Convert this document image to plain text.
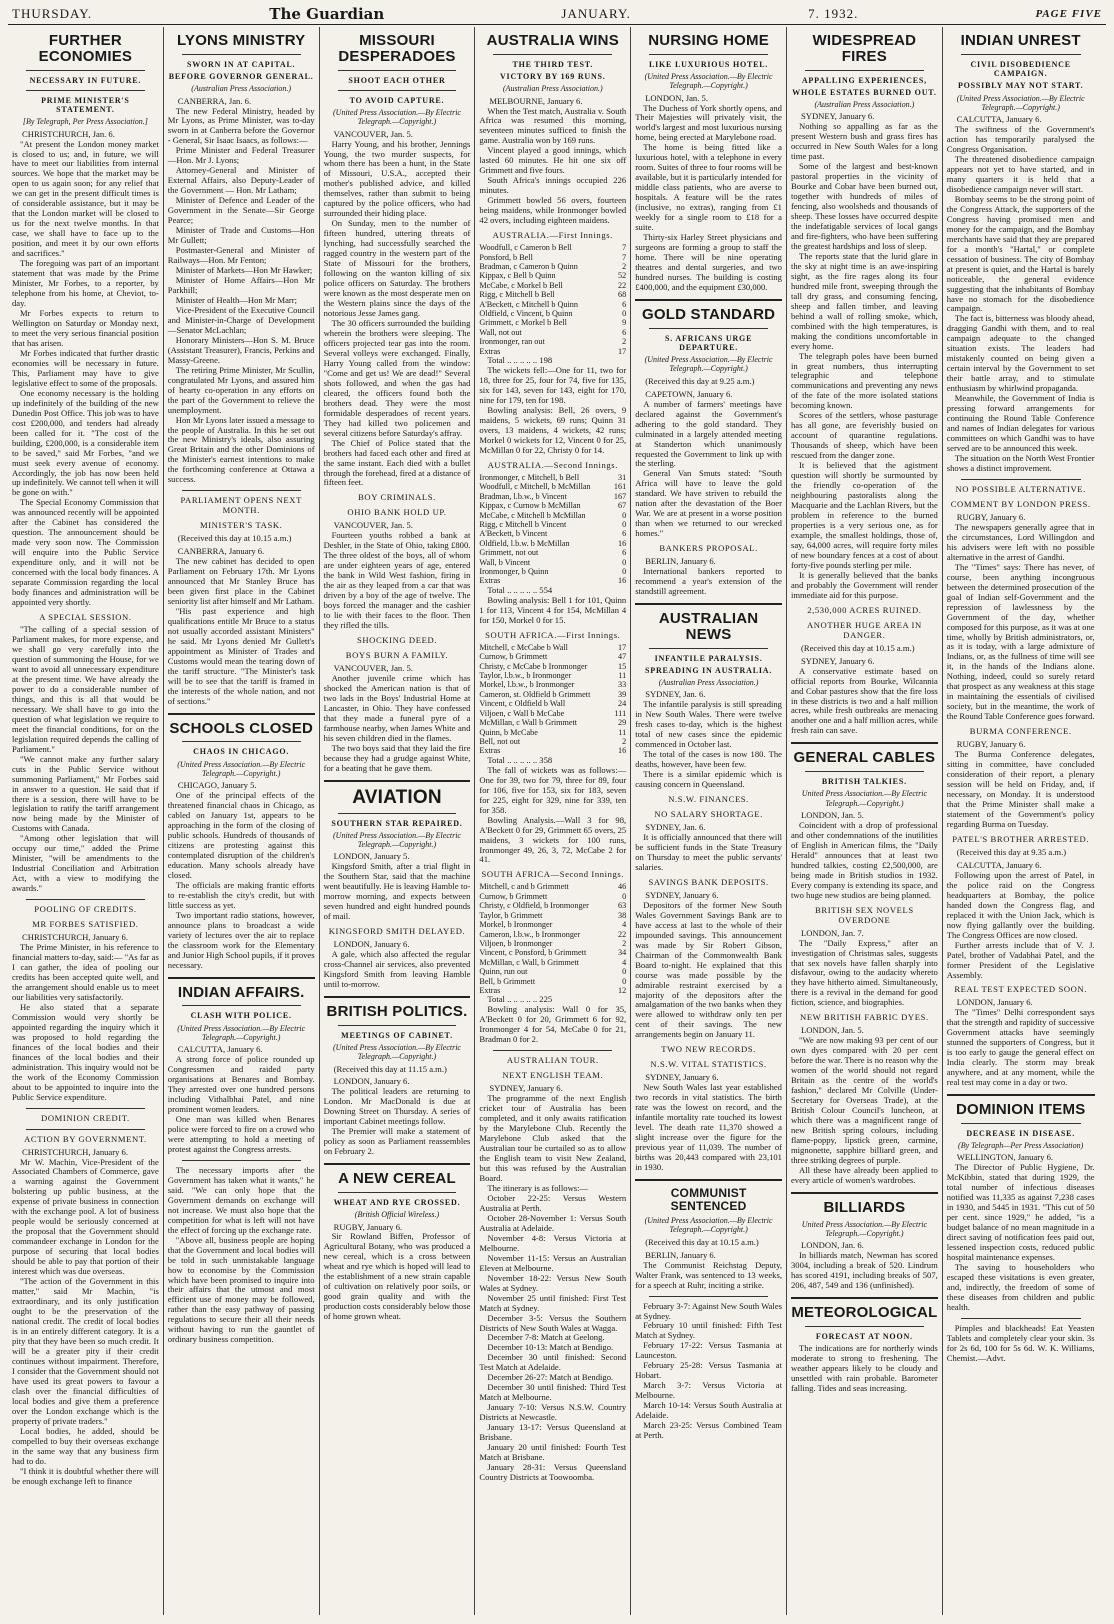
THURSDAY.	The Guardian	JANUARY.	7. 1932.	PAGE FIVE
FURTHER ECONOMIES
NECESSARY IN FUTURE.
PRIME MINISTER'S STATEMENT.
[By Telegraph, Per Press Association.]

CHRISTCHURCH, Jan. 6.

"At present the London money market is closed to us; and, in future, we will have to meet our liabilities from internal sources. We hope that the market may be open to us again soon; for any relief that we can get in the present difficult times is of considerable assistance, but it may be that the London market will be closed to us for the next twelve months. In that case, we shall have to face up to the position, and meet it by our own efforts and sacrifices."

The foregoing was part of an important statement that was made by the Prime Minister, Mr Forbes, to a reporter, by telephone from his home, at Cheviot, to-day.

Mr Forbes expects to return to Wellington on Saturday or Monday next, to meet the very serious financial position that has arisen.

Mr Forbes indicated that further drastic economies will be necessary in future. This, Parliament may have to give legislative effect to some of the proposals.

One economy necessary is the holding up indefinitely of the building of the new Dunedin Post Office. This job was to have cost £200,000, and tenders had already been called for it. "The cost of the building, £200,000, is a considerable item to be saved," said Mr Forbes, "and we must seek every avenue of economy. Accordingly, the job has now been held up indefinitely. We cannot tell when it will be gone on with."

The Special Economy Commission that was announced recently will be appointed after the Cabinet has considered the question. The announcement should be made very soon now. The Commission will enquire into the Public Service expenditure only, and it will not be concerned with the local body finances. A separate Commission regarding the local body finances and administration will be appointed very shortly.

A SPECIAL SESSION.

"The calling of a special session of Parliament makes, for more expense, and we shall go very carefully into the question of summoning the House, for we want to avoid all unnecessary expenditure at the present time. We have already the power to do a considerable number of things, and this is all that would be necessary. We shall have to go into the question of what legislation we require to meet the financial conditions, for on the legislation required depends the calling of Parliament."

"We cannot make any further salary cuts in the Public Service without summoning Parliament," Mr Forbes said in answer to a question. He said that if there is a session, there will have to be legislation to ratify the tariff arrangement now being made by the Minister of Customs with Canada.

"Among other legislation that will occupy our time," added the Prime Minister, "will be amendments to the Industrial Conciliation and Arbitration Act, with a view to modifying the awards."

POOLING OF CREDITS.
MR FORBES SATISFIED.

CHRISTCHURCH, January 6.

The Prime Minister, in his reference to financial matters to-day, said:— "As far as I can gather, the idea of pooling our credits has been accepted quite well, and the arrangement should enable us to meet our liabilities very satisfactorily.

He also stated that a separate Commission would very shortly be appointed regarding the inquiry which it was proposed to hold regarding the finances of the local bodies and their finances of the local bodies and their administration. This inquiry would not be the work of the Economy Commission about to be appointed to inquire into the Public Service expenditure.

DOMINION CREDIT.
ACTION BY GOVERNMENT.

CHRISTCHURCH, January 6.

Mr W. Machin, Vice-President of the Associated Chambers of Commerce, gave a warning against the Government bolstering up public business, at the expense of private business in connection with the exchange pool. A lot of business people would be seriously concerned at the proposal that the Government should commandeer exchange in London for the purpose of securing that local bodies should be able to pay that portion of their interest which was due overseas.

"The action of the Government in this matter," said Mr Machin, "is extraordinary, and its only justification ought to be the preservation of the national credit. The credit of local bodies is in an entirely different category. It is a pity that they have been so much credit. It will be a greater pity if their credit continues without impairment. Therefore, I consider that the Government should not have used its great powers to favour a clash over the financial difficulties of local bodies and give them a preference over the London exchange which is the property of private traders."

Local bodies, he added, should be compelled to buy their overseas exchange in the same way that any business firm had to do.

"I think it is doubtful whether there will be enough exchange left to finance

LYONS MINISTRY
SWORN IN AT CAPITAL.
BEFORE GOVERNOR GENERAL.
(Australian Press Association.)

CANBERRA, Jan. 6.

The new Federal Ministry, headed by Mr Lyons, as Prime Minister, was to-day sworn in at Canberra before the Governor - General, Sir Isaac Isaacs, as follows:—

Prime Minister and Federal Treasurer —Hon. Mr J. Lyons;

Attorney-General and Minister of External Affairs, also Deputy-Leader of the Government — Hon. Mr Latham;

Minister of Defence and Leader of the Government in the Senate—Sir George Pearce;

Minister of Trade and Customs—Hon Mr Gullett;

Postmaster-General and Minister of Railways—Hon. Mr Fenton;

Minister of Markets—Hon Mr Hawker;

Minister of Home Affairs—Hon Mr Parkhill;

Minister of Health—Hon Mr Marr;

Vice-President of the Executive Council and Minister-in-Charge of Development—Senator McLachlan;

Honorary Ministers—Hon S. M. Bruce (Assistant Treasurer), Francis, Perkins and Massy-Greene.

The retiring Prime Minister, Mr Scullin, congratulated Mr Lyons, and assured him of hearty co-operation in any efforts on the part of the Government to relieve the unemployment.

Hon Mr Lyons later issued a message to the people of Australia. In this he set out the new Ministry's ideals, also assuring Great Britain and the other Dominions of the Minister's earnest intentions to make the forthcoming conference at Ottawa a success.

PARLIAMENT OPENS NEXT MONTH.
MINISTER'S TASK.

(Received this day at 10.15 a.m.)

CANBERRA, January 6.

The new cabinet has decided to open Parliament on February 17th. Mr Lyons announced that Mr Stanley Bruce has been given first place in the Cabinet seniority list after himself and Mr Latham.

"His past experience and high qualifications entitle Mr Bruce to a status not usually accorded assistant Ministers" he said. Mr Lyons denied Mr Gullett's appointment as Minister of Trades and Customs would mean the tearing down of the tariff structure. "The Minister's task will be to see that the tariff is framed in the interests of the whole nation, and not of sections."

SCHOOLS CLOSED
CHAOS IN CHICAGO.
(United Press Association.—By Electric Telegraph.—Copyright.)

CHICAGO, January 5.

One of the principal effects of the threatened financial chaos in Chicago, as cabled on January 1st, appears to be approaching in the form of the closing of public schools. Hundreds of thousands of citizens are protesting against this contemplated disruption of the children's education. Many schools already have closed.

The officials are making frantic efforts to re-establish the city's credit, but with little success as yet.

Two important radio stations, however, announce plans to broadcast a wide variety of lectures over the air to replace the classroom work for the Elementary and Junior High School pupils, if it proves necessary.

INDIAN AFFAIRS.
CLASH WITH POLICE.
(United Press Association.—By Electric Telegraph.—Copyright.)

CALCUTTA, January 6.

A strong force of police rounded up Congressmen and raided party organisations at Benares and Bombay. They arrested over one hundred persons including Vithalbhai Patel, and nine prominent women leaders.

One man was killed when Benares police were forced to fire on a crowd who were attempting to hold a meeting of protest against the Congress arrests.

The necessary imports after the Government has taken what it wants," he said. "We can only hope that the Government demands on exchange will not increase. We must also hope that the competition for what is left will not have the effect of forcing up the exchange rate.

"Above all, business people are hoping that the Government and local bodies will be told in such unmistakable language how to economise by the Commission which have been promised to inquire into their affairs that the utmost and most efficient use of money may be followed, rather than the easy pathway of passing regulations to secure their all their needs without having to run the gauntlet of ordinary business competition.

MISSOURI DESPERADOES
SHOOT EACH OTHER
TO AVOID CAPTURE.
(United Press Association.—By Electric Telegraph.—Copyright.)

VANCOUVER, Jan. 5.

Harry Young, and his brother, Jennings Young, the two murder suspects, for whom there has been a hunt, in the State of Missouri, U.S.A., accepted their mother's published advice, and killed themselves, rather than submit to being captured by the police officers, who had surrounded their hiding place.

On Sunday, men to the number of fifteen hundred, uttering threats of lynching, had successfully searched the ragged country in the western part of the State of Missouri for the brothers, following on the wanton killing of six police officers on Saturday. The brothers were known as the most desperate men on the Western plains since the days of the notorious Jesse James gang.

The 30 officers surrounded the building wherein the brothers were sleeping. The officers projected tear gas into the room. Several volleys were exchanged. Finally, Harry Young called from the window: "Come and get us! We are dead!" Several shots followed, and when the gas had cleared, the officers found both the brothers dead. They were the most formidable desperadoes of recent years. They had killed two policemen and several citizens before Saturday's affray.

The Chief of Police stated that the brothers had faced each other and fired at the same instant. Each died with a bullet through the forehead, fired at a distance of fifteen feet.

BOY CRIMINALS.
OHIO BANK HOLD UP.

VANCOUVER, Jan. 5.

Fourteen youths robbed a bank at Deshler, in the State of Ohio, taking £800. The three oldest of the boys, all of whom are under eighteen years of age, entered the bank in Wild West fashion, firing in the air as they leaped from a car that was driven by a boy of the age of twelve. The boys forced the manager and the cashier to lie with their faces to the floor. Then they rifled the tills.

SHOCKING DEED.
BOYS BURN A FAMILY.

VANCOUVER, Jan. 5.

Another juvenile crime which has shocked the American nation is that of two lads in the Boys' Industrial Home at Lancaster, in Ohio. They have confessed that they made a funeral pyre of a farmhouse nearby, when James White and his seven children died in the flames.

The two boys said that they laid the fire because they had a grudge against White, for a beating that he gave them.

AVIATION
SOUTHERN STAR REPAIRED.
(United Press Association.—By Electric Telegraph.—Copyright.)

LONDON, January 5.

Kingsford Smith, after a trial flight in the Southern Star, said that the machine went beautifully. He is leaving Hamble to-morrow morning, and expects between seven hundred and eight hundred pounds of mail.

KINGSFORD SMITH DELAYED.

LONDON, January 6.

A gale, which also affected the regular cross-Channel air services, also prevented Kingsford Smith from leaving Hamble until to-morrow.

BRITISH POLITICS.
MEETINGS OF CABINET.
(United Press Association.—By Electric Telegraph.—Copyright.)

(Received this day at 11.15 a.m.)

LONDON, January 6.

The political leaders are returning to London. Mr MacDonald is due at Downing Street on Thursday. A series of important Cabinet meetings follow.

The Premier will make a statement of policy as soon as Parliament reassembles on February 2.

A NEW CEREAL
WHEAT AND RYE CROSSED.
(British Official Wireless.)

RUGBY, January 6.

Sir Rowland Biffen, Professor of Agricultural Botany, who was produced a new cereal, which is a cross between wheat and rye which is hoped will lead to the establishment of a new strain capable of cultivation on relatively poor soils, or good grain quality and with the production costs considerably below those of home grown wheat.

AUSTRALIA WINS
THE THIRD TEST.
VICTORY BY 169 RUNS.
(Australian Press Association.)

MELBOURNE, January 6.

When the Test match, Australia v. South Africa was resumed this morning, seventeen minutes sufficed to finish the game. Australia won by 169 runs.

Vincent played a good innings, which lasted 60 minutes. He hit one six off Grimmett and five fours.

South Africa's innings occupied 226 minutes.

Grimmett bowled 56 overs, fourteen being maidens, while Ironmonger bowled 42 overs, including eighteen maidens.

AUSTRALIA.—First Innings.
Woodfull, c Cameron b Bell	7
Ponsford, b Bell	7
Bradman, c Cameron b Quinn	2
Kippax, c Bell b Quinn	52
McCabe, c Morkel b Bell	22
Rigg, c Mitchell b Bell	68
A'Beckett, c Mitchell b Quinn	6
Oldfield, c Vincent, b Quinn	0
Grimmett, c Morkel b Bell	9
Wall, not out	6
Ironmonger, ran out	2
Extras	17

Total .. .. .. .. .. 198

The wickets fell:—One for 11, two for 18, three for 25, four for 74, five for 135, six for 143, seven for 143, eight for 170, nine for 179, ten for 198.

Bowling analysis: Bell, 26 overs, 9 maidens, 5 wickets, 69 runs; Quinn 31 overs, 13 maidens, 4 wickets, 42 runs; Morkel 0 wickets for 12, Vincent 0 for 25, McMillan 0 for 22, Christy 0 for 14.

AUSTRALIA.—Second Innings.
Ironmonger, c Mitchell, b Bell	31
Woodfull, c Mitchell, b McMillan	161
Bradman, l.b.w., b Vincent	167
Kippax, c Curnow b McMillan	67
McCabe, c Mitchell b McMillan	0
Rigg, c Mitchell b Vincent	0
A'Beckett, b Vincent	6
Oldfield, l.b.w. b McMillan	16
Grimmett, not out	6
Wall, b Vincent	0
Ironmonger, b Quinn	0
Extras	16

Total .. .. .. .. .. 554

Bowling analysis: Bell 1 for 101, Quinn 1 for 113, Vincent 4 for 154, McMillan 4 for 150, Morkel 0 for 15.

SOUTH AFRICA.—First Innings.
Mitchell, c McCabe b Wall	17
Curnow, b Grimmett	47
Christy, c McCabe b Ironmonger	15
Taylor, l.b.w., b Ironmonger	11
Morkel, l.b.w., b Ironmonger	33
Cameron, st. Oldfield b Grimmett	39
Vincent, c Oldfield b Wall	24
Viljoen, c Wall b McCabe	111
McMillan, c Wall b Grimmett	29
Quinn, b McCabe	11
Bell, not out	2
Extras	16

Total .. .. .. .. .. 358

The fall of wickets was as follows:—One for 39, two for 79, three for 89, four for 106, five for 153, six for 183, seven for 225, eight for 329, nine for 339, ten for 358.

Bowling Analysis.—Wall 3 for 98, A'Beckett 0 for 29, Grimmett 65 overs, 25 maidens, 3 wickets for 100 runs, Ironmonger 49, 26, 3, 72, McCabe 2 for 41.

SOUTH AFRICA—Second Innings.
Mitchell, c and b Grimmett	46
Curnow, b Grimmett	0
Christy, c Oldfield, b Ironmonger	63
Taylor, b Grimmett	38
Morkel, b Ironmonger	4
Cameron, l.b.w., b Ironmonger	22
Viljoen, b Ironmonger	2
Vincent, c Ponsford, b Grimmett	34
McMillan, c Wall, b Grimmett	4
Quinn, run out	0
Bell, b Grimmett	0
Extras	12

Total .. .. .. .. .. 225

Bowling analysis: Wall 0 for 35, A'Beckett 0 for 20, Grimmett 6 for 92, Ironmonger 4 for 54, McCabe 0 for 21, Bradman 0 for 2.

AUSTRALIAN TOUR.
NEXT ENGLISH TEAM.

SYDNEY, January 6.

The programme of the next English cricket tour of Australia has been completed, and it only awaits ratification by the Marylebone Club. Recently the Marylebone Club asked that the Australian tour be curtailed so as to allow the English team to visit New Zealand, but this was refused by the Australian Board.

The itinerary is as follows:—

October 22-25: Versus Western Australia at Perth.

October 28-November 1: Versus South Australia at Adelaide.

November 4-8: Versus Victoria at Melbourne.

November 11-15: Versus an Australian Eleven at Melbourne.

November 18-22: Versus New South Wales at Sydney.

November 25 until finished: First Test Match at Sydney.

December 3-5: Versus the Southern Districts of New South Wales at Wagga.

December 7-8: Match at Geelong.

December 10-13: Match at Bendigo.

December 30 until finished: Second Test Match at Adelaide.

December 26-27: Match at Bendigo.

December 30 until finished: Third Test Match at Melbourne.

January 7-10: Versus N.S.W. Country Districts at Newcastle.

January 13-17: Versus Queensland at Brisbane.

January 20 until finished: Fourth Test Match at Brisbane.

January 28-31: Versus Queensland Country Districts at Toowoomba.

NURSING HOME
LIKE LUXURIOUS HOTEL.
(United Press Association.—By Electric Telegraph.—Copyright.)

LONDON, Jan. 5.

The Duchess of York shortly opens, and Their Majesties will privately visit, the world's largest and most luxurious nursing home, being erected at Marylebone road.

The home is being fitted like a luxurious hotel, with a telephone in every room. Suites of three to four rooms will be available, but it is particularly intended for middle class patients, who are averse to hospitals. A feature will be the rates (inclusive, no extras), ranging from £1 weekly for a single room to £18 for a suite.

Thirty-six Harley Street physicians and surgeons are forming a group to staff the home. There will be nine operating theatres and dental surgeries, and two hundred nurses. The building is costing £400,000, and the equipment £30,000.

GOLD STANDARD
S. AFRICANS URGE DEPARTURE.
(United Press Association.—By Electric Telegraph.—Copyright.)

(Received this day at 9.25 a.m.)

CAPETOWN, January 6.

A number of farmers' meetings have declared against the Government's adhering to the gold standard. They culminated in a largely attended meeting at Standerton which unanimously requested the Government to link up with the sterling.

General Van Smuts stated: "South Africa will have to leave the gold standard. We have striven to rebuild the nation after the devastation of the Boer War. We are at present in a worse position than when we returned to our wrecked homes."

BANKERS PROPOSAL.

BERLIN, January 6.

International bankers reported to recommend a year's extension of the standstill agreement.

AUSTRALIAN NEWS
INFANTILE PARALYSIS.
SPREADING IN AUSTRALIA.
(Australian Press Association.)

SYDNEY, Jan. 6.

The infantile paralysis is still spreading in New South Wales. There were twelve fresh cases to-day, which is the highest total of new cases since the epidemic commenced in October last.

The total of the cases is now 180. The deaths, however, have been few.

There is a similar epidemic which is causing concern in Queensland.

N.S.W. FINANCES.
NO SALARY SHORTAGE.

SYDNEY, Jan. 6.

It is officially announced that there will be sufficient funds in the State Treasury on Thursday to meet the public servants' salaries.

SAVINGS BANK DEPOSITS.

SYDNEY, January 6.

Depositors of the former New South Wales Government Savings Bank are to have access at last to the whole of their impounded savings. This announcement was made by Sir Robert Gibson, Chairman of the Commonwealth Bank Board to-night. He explained that this course was made possible by the admirable restraint exercised by a majority of the depositors after the amalgamation of the two banks when they were allowed to withdraw only ten per cent of their savings. The new arrangements begin on January 11.

TWO NEW RECORDS.
N.S.W. VITAL STATISTICS.

SYDNEY, January 6.

New South Wales last year established two records in vital statistics. The birth rate was the lowest on record, and the infantile mortality rate touched its lowest level. The death rate 11,370 showed a slight increase over the figure for the previous year of 11,039. The number of births was 20,443 compared with 23,101 in 1930.

COMMUNIST SENTENCED
(United Press Association.—By Electric Telegraph.—Copyright.)

(Received this day at 10.15 a.m.)

BERLIN, January 6.

The Communist Reichstag Deputy, Walter Frank, was sentenced to 13 weeks, for a speech at Ruhr, inciting a strike.

February 3-7: Against New South Wales at Sydney.

February 10 until finished: Fifth Test Match at Sydney.

February 17-22: Versus Tasmania at Launceston.

February 25-28: Versus Tasmania at Hobart.

March 3-7: Versus Victoria at Melbourne.

March 10-14: Versus South Australia at Adelaide.

March 23-25: Versus Combined Team at Perth.

WIDESPREAD FIRES
APPALLING EXPERIENCES,
WHOLE ESTATES BURNED OUT.
(Australian Press Association.)

SYDNEY, January 6.

Nothing so appalling as far as the present Western bush and grass fires has occurred in New South Wales for a long time past.

Some of the largest and best-known pastoral properties in the vicinity of Bourke and Cobar have been burned out, together with hundreds of miles of fencing, also woolsheds and thousands of sheep. These losses have occurred despite the indefatigable services of local gangs and fire-fighters, who have been suffering the greatest hardships and loss of sleep.

The reports state that the lurid glare in the sky at night time is an awe-inspiring sight, as the fire rages along its four hundred mile front, sweeping through the tall dry grass, and consuming fencing, sheep and fallen timber, and leaving behind a wall of rolling smoke, which, combined with the high temperatures, is making the conditions uncomfortable in every home.

The telegraph poles have been burned in great numbers, thus interrupting telegraphic and telephone communications and preventing any news of the fate of the more isolated stations becoming known.

Scores of the settlers, whose pasturage has all gone, are feverishly busied on account of quarantine regulations. Thousands of sheep, which have been rescued from the danger zone.

It is believed that the agistment question will shortly be surmounted by the friendly co-operation of the neighbouring pastoralists along the Macquarie and the Lachlan Rivers, but the problem in reference to the burned properties is a very serious one, as for example, the smallest holdings, those of, say, 64,000 acres, will require forty miles of new boundary fences at a cost of about forty-five pounds sterling per mile.

It is generally believed that the banks and probably the Government will render immediate aid for this purpose.

2,530,000 ACRES RUINED.
ANOTHER HUGE AREA IN DANGER.

(Received this day at 10.15 a.m.)

SYDNEY, January 6.

A conservative estimate based on official reports from Bourke, Wilcannia and Cobar pastures show that the fire loss in these districts is two and a half million acres, while fresh outbreaks are menacing another one and a half million acres, while fresh rain can save.

GENERAL CABLES
BRITISH TALKIES.
United Press Association.—By Electric Telegraph.—Copyright.)

LONDON, Jan. 5.

Coincident with a drop of professional and other condemnations of the inutilities of English in American films, the "Daily Herald" announces that at least two hundred talkies, costing £2,500,000, are being made in British studios in 1932. Every company is extending its space, and two huge new studios are being planned.

BRITISH SEX NOVELS OVERDONE

LONDON, Jan. 7.

The "Daily Express," after an investigation of Christmas sales, suggests that sex novels have fallen sharply into disfavour, owing to the audacity whereto they have hitherto aimed. Simultaneously, there is a revival in the demand for good fiction, science, and biographies.

NEW BRITISH FABRIC DYES.

LONDON, Jan. 5.

"We are now making 93 per cent of our own dyes compared with 20 per cent before the war. There is no reason why the women of the world should not regard Britain as the centre of the world's fashion," declared Mr Colville (Under-Secretary for Overseas Trade), at the British Colour Council's luncheon, at which there was a magnificent range of new British spring colours, including flame-poppy, lipstick green, carmine, mignonette, sapphire billiard green, and three striking degrees of purple.

All these have already been applied to every article of women's wardrobes.

BILLIARDS
United Press Association.—By Electric Telegraph.—Copyright.)

LONDON, Jan. 6.

In billiards match, Newman has scored 3004, including a break of 520. Lindrum has scored 4191, including breaks of 507, 206, 487, 549 and 136 (unfinished).

METEOROLOGICAL
FORECAST AT NOON.

The indications are for northerly winds moderate to strong to freshening. The weather appears likely to be cloudy and unsettled with rain probable. Barometer falling. Tides and seas increasing.

INDIAN UNREST
CIVIL DISOBEDIENCE CAMPAIGN.
POSSIBLY MAY NOT START.
(United Press Association.—By Electric Telegraph.—Copyright.)

CALCUTTA, January 6.

The swiftness of the Government's action has temporarily paralysed the Congress Organisation.

The threatened disobedience campaign appears not yet to have started, and in many quarters it is held that a disobedience campaign never will start.

Bombay seems to be the strong point of the Congress Attack, the supporters of the Congress having promised men and money for the campaign, and the Bombay merchants have said that they are prepared for a month's "Hartal," or complete cessation of business. The city of Bombay at present is quiet, and the Hartal is barely noticeable, the general evidence suggesting that the inhabitants of Bombay have no stomach for the disobedience campaign.

The fact is, bitterness was bloody ahead, dragging Gandhi with them, and to real campaign adequate to the changed situation exists. The leaders had mistakenly counted on being given a certain interval by the Government to set their battle array, and to stimulate enthusiasm by whirlwind propaganda.

Meanwhile, the Government of India is pressing forward arrangements for continuing the Round Table Conference and names of Indian delegates for various committees on which Gandhi was to have served are to be announced this week.

The situation on the North West Frontier shows a distinct improvement.

NO POSSIBLE ALTERNATIVE.
COMMENT BY LONDON PRESS.

RUGBY, January 6.

The newspapers generally agree that in the circumstances, Lord Willingdon and his advisers were left with no possible alternative in the arrest of Gandhi.

The "Times" says: There has never, of course, been anything incongruous between the determined prosecution of the goal of Indian self-Government and the repression of lawlessness by the Government of the day, whether composed for this purpose, as it was at one time, wholly by British administrators, or, as it is today, with a large admixture of Indians, or, as the fullness of time will see it, in the hands of the Indians alone. Nothing, indeed, could so surely retard that prospect as any weakness at this stage in maintaining the essentials of civilised society, but in the meantime, the work of the Round Table Conference goes forward.

BURMA CONFERENCE.

RUGBY, January 6.

The Burma Conference delegates, sitting in committee, have concluded consideration of their report, a plenary session will be held on Friday, and, if necessary, on Monday. It is understood that the Prime Minister shall make a statement of the Government's policy regarding Burma on Tuesday.

PATEL'S BROTHER ARRESTED.

(Received this day at 9.35 a.m.)

CALCUTTA, January 6.

Following upon the arrest of Patel, in the police raid on the Congress headquarters at Bombay, the police handed down the Congress flag, and replaced it with the Union Jack, which is now flying gallantly over the building. The Congress Offices are now closed.

Further arrests include that of V. J. Patel, brother of Vadabhai Patel, and the former President of the Legislative Assembly.

REAL TEST EXPECTED SOON.

LONDON, January 6.

The "Times" Delhi correspondent says that the strength and rapidity of successive Government attacks have seemingly stunned the supporters of Congress, but it is too early to gauge the general effect on India clearly. The storm may break anywhere, and at any moment, while the real test may come in a day or two.

DOMINION ITEMS
DECREASE IN DISEASE.
(By Telegraph—Per Press Association)

WELLINGTON, January 6.

The Director of Public Hygiene, Dr. McKibbin, stated that during 1929, the total number of infectious diseases notified was 11,335 as against 7,238 cases in 1930, and 5445 in 1931. "This cut of 50 per cent. since 1929," he added, "is a budget balance of no mean magnitude in a direct saving of notification fees paid out, lessened inspection costs, reduced public hospital maintenance expenses.

The saving to householders who escaped these visitations is even greater, and, indirectly, the freedom of some of these diseases from children and public health.

Pimples and blackheads! Eat Yeasten Tablets and completely clear your skin. 3s for 2s 6d, 100 for 5s 6d. W. K. Williams, Chemist.—Advt.
